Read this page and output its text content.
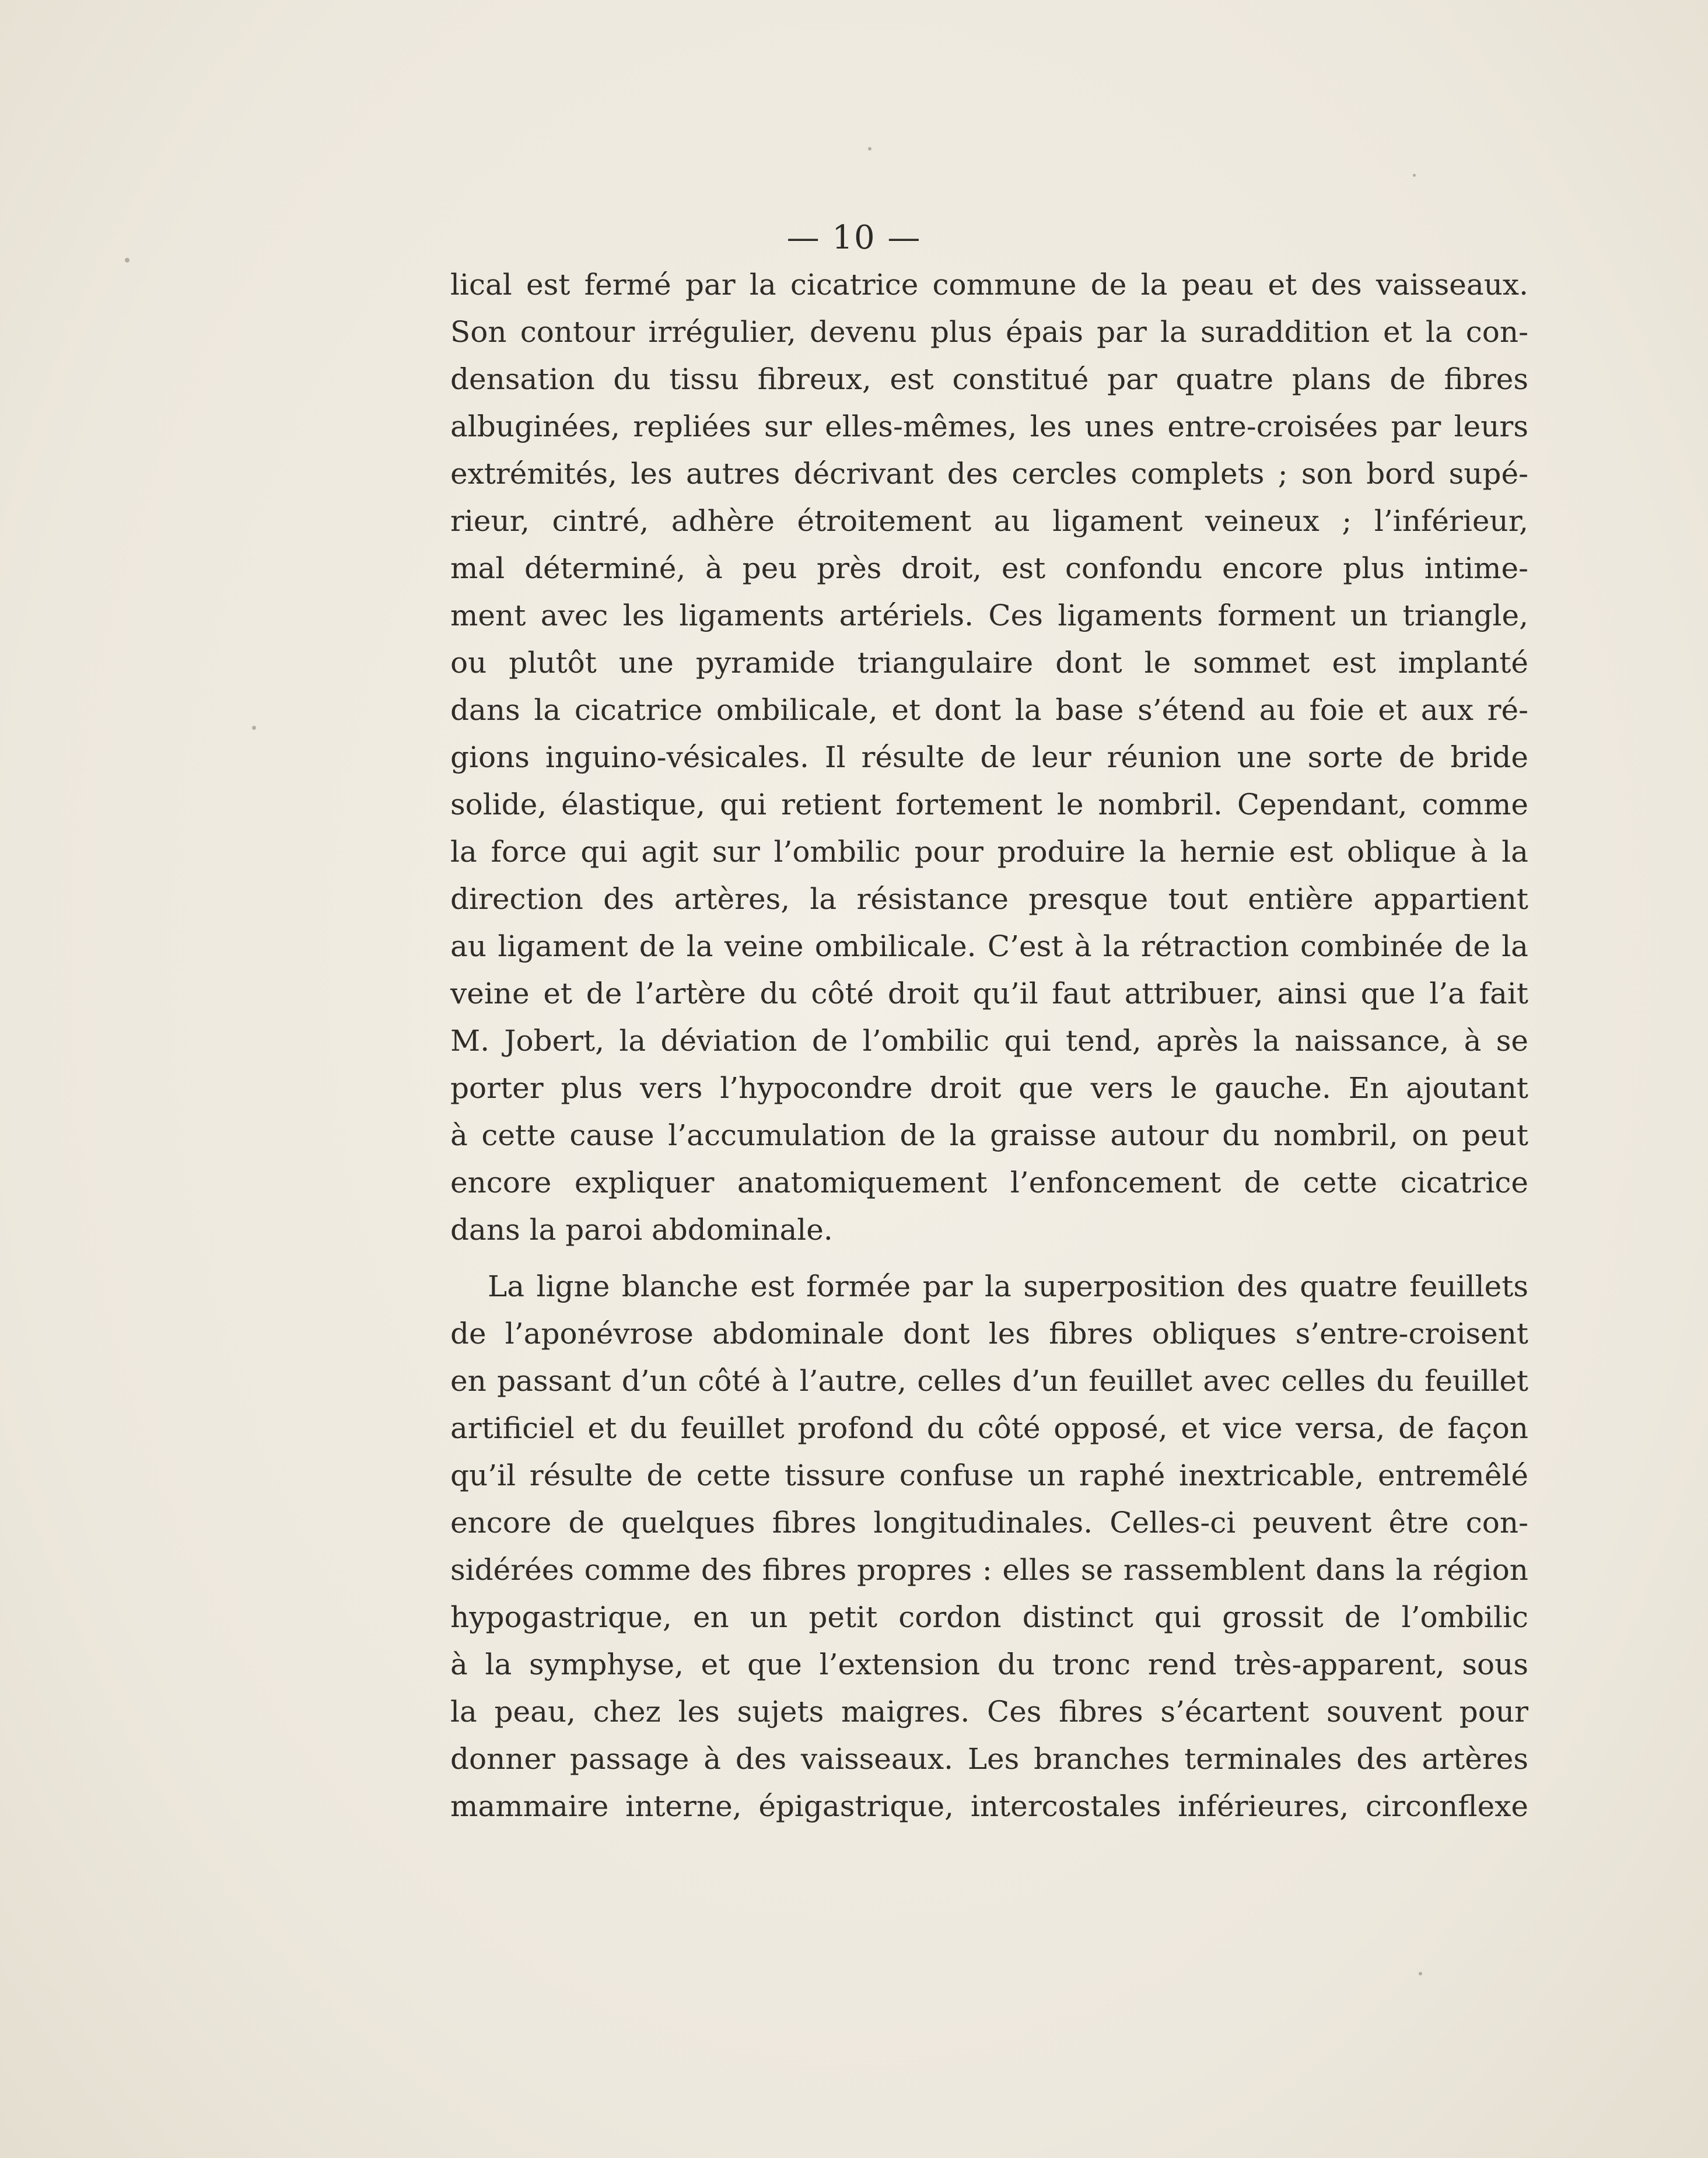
— 10 —
lical est fermé par la cicatrice commune de la peau et des vaisseaux.
Son contour irrégulier, devenu plus épais par la suraddition et la con-
densation du tissu fibreux, est constitué par quatre plans de fibres
albuginées, repliées sur elles-mêmes, les unes entre-croisées par leurs
extrémités, les autres décrivant des cercles complets ; son bord supé-
rieur, cintré, adhère étroitement au ligament veineux ; l’inférieur,
mal déterminé, à peu près droit, est confondu encore plus intime-
ment avec les ligaments artériels. Ces ligaments forment un triangle,
ou plutôt une pyramide triangulaire dont le sommet est implanté
dans la cicatrice ombilicale, et dont la base s’étend au foie et aux ré-
gions inguino-vésicales. Il résulte de leur réunion une sorte de bride
solide, élastique, qui retient fortement le nombril. Cependant, comme
la force qui agit sur l’ombilic pour produire la hernie est oblique à la
direction des artères, la résistance presque tout entière appartient
au ligament de la veine ombilicale. C’est à la rétraction combinée de la
veine et de l’artère du côté droit qu’il faut attribuer, ainsi que l’a fait
M. Jobert, la déviation de l’ombilic qui tend, après la naissance, à se
porter plus vers l’hypocondre droit que vers le gauche. En ajoutant
à cette cause l’accumulation de la graisse autour du nombril, on peut
encore expliquer anatomiquement l’enfoncement de cette cicatrice
dans la paroi abdominale.
La ligne blanche est formée par la superposition des quatre feuillets
de l’aponévrose abdominale dont les fibres obliques s’entre-croisent
en passant d’un côté à l’autre, celles d’un feuillet avec celles du feuillet
artificiel et du feuillet profond du côté opposé, et vice versa, de façon
qu’il résulte de cette tissure confuse un raphé inextricable, entremêlé
encore de quelques fibres longitudinales. Celles-ci peuvent être con-
sidérées comme des fibres propres : elles se rassemblent dans la région
hypogastrique, en un petit cordon distinct qui grossit de l’ombilic
à la symphyse, et que l’extension du tronc rend très-apparent, sous
la peau, chez les sujets maigres. Ces fibres s’écartent souvent pour
donner passage à des vaisseaux. Les branches terminales des artères
mammaire interne, épigastrique, intercostales inférieures, circonflexe
